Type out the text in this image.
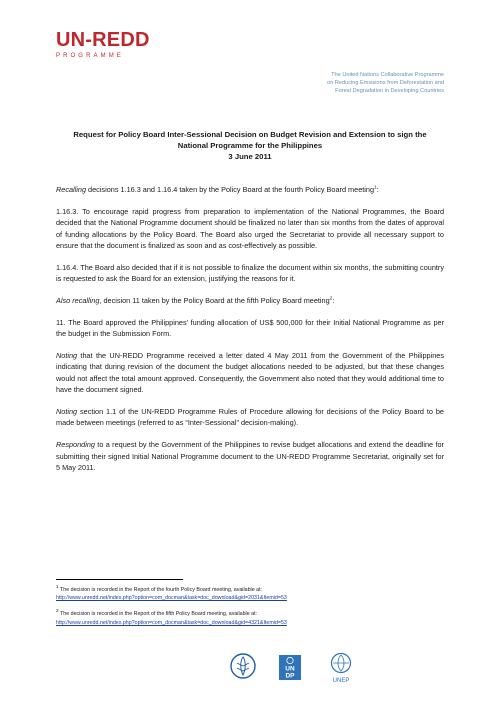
UN-REDD
PROGRAMME
The United Nations Collaborative Programme
on Reducing Emissions from Deforestation and
Forest Degradation in Developing Countries
Request for Policy Board Inter-Sessional Decision on Budget Revision and Extension to sign the
National Programme for the Philippines
3 June 2011

Recalling decisions 1.16.3 and 1.16.4 taken by the Policy Board at the fourth Policy Board meeting$^1$:

1.16.3. To encourage rapid progress from preparation to implementation of the National Programmes, the Board decided that the National Programme document should be finalized no later than six months from the dates of approval of funding allocations by the Policy Board. The Board also urged the Secretariat to provide all necessary support to ensure that the document is finalized as soon and as cost-effectively as possible.

1.16.4. The Board also decided that if it is not possible to finalize the document within six months, the submitting country is requested to ask the Board for an extension, justifying the reasons for it.

Also recalling, decision 11 taken by the Policy Board at the fifth Policy Board meeting$^2$:

11. The Board approved the Philippines' funding allocation of US$ 500,000 for their Initial National Programme as per the budget in the Submission Form.

Noting that the UN-REDD Programme received a letter dated 4 May 2011 from the Government of the Philippines indicating that during revision of the document the budget allocations needed to be adjusted, but that these changes would not affect the total amount approved. Consequently, the Government also noted that they would additional time to have the document signed.

Noting section 1.1 of the UN-REDD Programme Rules of Procedure allowing for decisions of the Policy Board to be made between meetings (referred to as “Inter-Sessional” decision-making).

Responding to a request by the Government of the Philippines to revise budget allocations and extend the deadline for submitting their signed Initial National Programme document to the UN-REDD Programme Secretariat, originally set for 5 May 2011.

$^1$ The decision is recorded in the Report of the fourth Policy Board meeting, available at:
http://www.unredd.net/index.php?option=com_docman&task=doc_download&gid=2031&Itemid=53
$^2$ The decision is recorded in the Report of the fifth Policy Board meeting, available at:
http://www.unredd.net/index.php?option=com_docman&task=doc_download&gid=4321&Itemid=53
UN
DP
UNEP
